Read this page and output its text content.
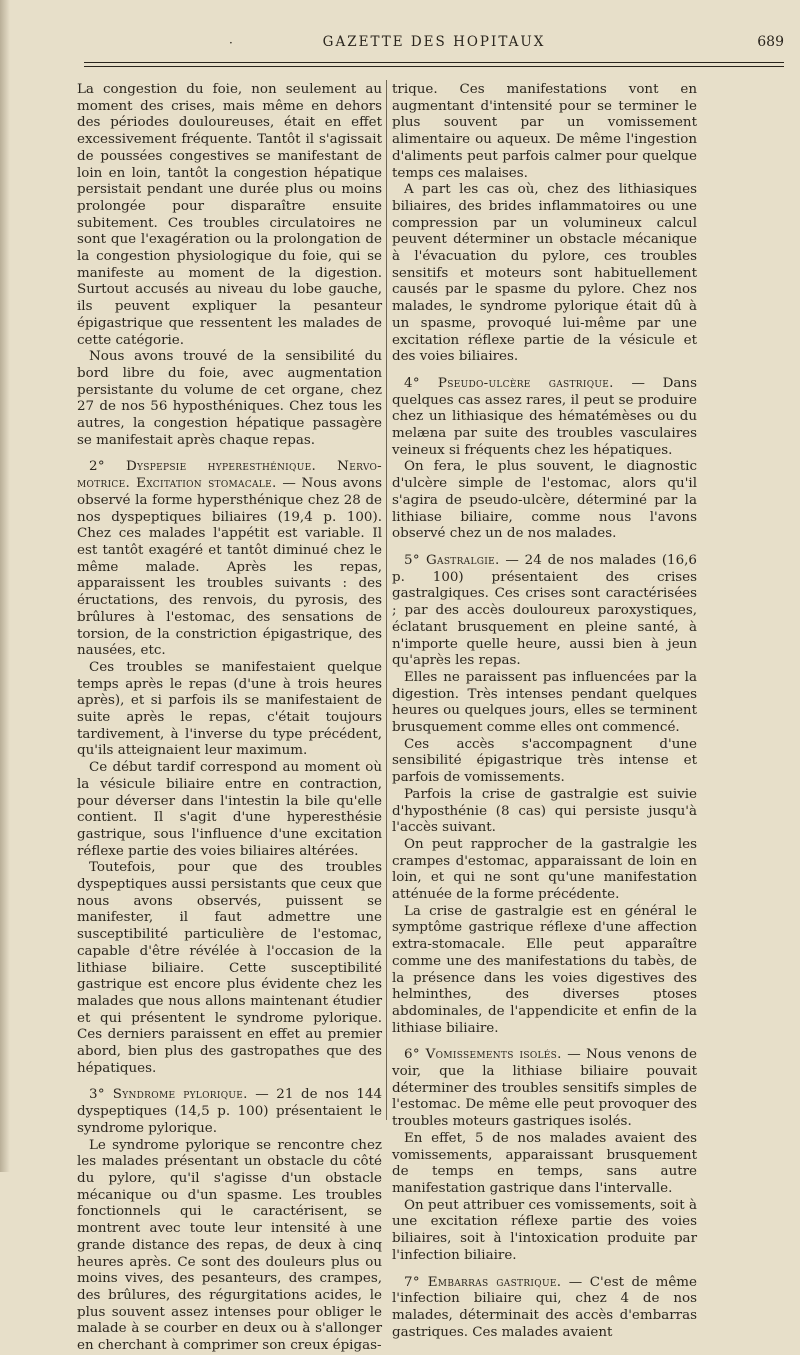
·	GAZETTE DES HOPITAUX	689

La congestion du foie, non seulement au moment des crises, mais même en dehors des périodes douloureuses, était en effet excessivement fréquente. Tantôt il s'agissait de poussées congestives se manifestant de loin en loin, tantôt la congestion hépatique persistait pendant une durée plus ou moins prolongée pour disparaître ensuite subitement. Ces troubles circulatoires ne sont que l'exagération ou la prolongation de la congestion physiologique du foie, qui se manifeste au moment de la digestion. Surtout accusés au niveau du lobe gauche, ils peuvent expliquer la pesanteur épigastrique que ressentent les malades de cette catégorie.

Nous avons trouvé de la sensibilité du bord libre du foie, avec augmentation persistante du volume de cet organe, chez 27 de nos 56 hyposthéniques. Chez tous les autres, la congestion hépatique passagère se manifestait après chaque repas.

2° Dyspepsie hyperesthénique. Nervo-motrice. Excitation stomacale. — Nous avons observé la forme hypersthénique chez 28 de nos dyspeptiques biliaires (19,4 p. 100). Chez ces malades l'appétit est variable. Il est tantôt exagéré et tantôt diminué chez le même malade. Après les repas, apparaissent les troubles suivants : des éructations, des renvois, du pyrosis, des brûlures à l'estomac, des sensations de torsion, de la constriction épigastrique, des nausées, etc.

Ces troubles se manifestaient quelque temps après le repas (d'une à trois heures après), et si parfois ils se manifestaient de suite après le repas, c'était toujours tardivement, à l'inverse du type précédent, qu'ils atteignaient leur maximum.

Ce début tardif correspond au moment où la vésicule biliaire entre en contraction, pour déverser dans l'intestin la bile qu'elle contient. Il s'agit d'une hyperesthésie gastrique, sous l'influence d'une excitation réflexe partie des voies biliaires altérées.

Toutefois, pour que des troubles dyspeptiques aussi persistants que ceux que nous avons observés, puissent se manifester, il faut admettre une susceptibilité particulière de l'estomac, capable d'être révélée à l'occasion de la lithiase biliaire. Cette susceptibilité gastrique est encore plus évidente chez les malades que nous allons maintenant étudier et qui présentent le syndrome pylorique. Ces derniers paraissent en effet au premier abord, bien plus des gastropathes que des hépatiques.

3° Syndrome pylorique. — 21 de nos 144 dyspeptiques (14,5 p. 100) présentaient le syndrome pylorique.

Le syndrome pylorique se rencontre chez les malades présentant un obstacle du côté du pylore, qu'il s'agisse d'un obstacle mécanique ou d'un spasme. Les troubles fonctionnels qui le caractérisent, se montrent avec toute leur intensité à une grande distance des repas, de deux à cinq heures après. Ce sont des douleurs plus ou moins vives, des pesanteurs, des crampes, des brûlures, des régurgitations acides, le plus souvent assez intenses pour obliger le malade à se courber en deux ou à s'allonger en cherchant à comprimer son creux épigas-

trique. Ces manifestations vont en augmentant d'intensité pour se terminer le plus souvent par un vomissement alimentaire ou aqueux. De même l'ingestion d'aliments peut parfois calmer pour quelque temps ces malaises.

A part les cas où, chez des lithiasiques biliaires, des brides inflammatoires ou une compression par un volumineux calcul peuvent déterminer un obstacle mécanique à l'évacuation du pylore, ces troubles sensitifs et moteurs sont habituellement causés par le spasme du pylore. Chez nos malades, le syndrome pylorique était dû à un spasme, provoqué lui-même par une excitation réflexe partie de la vésicule et des voies biliaires.

4° Pseudo-ulcère gastrique. — Dans quelques cas assez rares, il peut se produire chez un lithiasique des hématémèses ou du melæna par suite des troubles vasculaires veineux si fréquents chez les hépatiques.

On fera, le plus souvent, le diagnostic d'ulcère simple de l'estomac, alors qu'il s'agira de pseudo-ulcère, déterminé par la lithiase biliaire, comme nous l'avons observé chez un de nos malades.

5° Gastralgie. — 24 de nos malades (16,6 p. 100) présentaient des crises gastralgiques. Ces crises sont caractérisées ; par des accès douloureux paroxystiques, éclatant brusquement en pleine santé, à n'importe quelle heure, aussi bien à jeun qu'après les repas.

Elles ne paraissent pas influencées par la digestion. Très intenses pendant quelques heures ou quelques jours, elles se terminent brusquement comme elles ont commencé.

Ces accès s'accompagnent d'une sensibilité épigastrique très intense et parfois de vomissements.

Parfois la crise de gastralgie est suivie d'hyposthénie (8 cas) qui persiste jusqu'à l'accès suivant.

On peut rapprocher de la gastralgie les crampes d'estomac, apparaissant de loin en loin, et qui ne sont qu'une manifestation atténuée de la forme précédente.

La crise de gastralgie est en général le symptôme gastrique réflexe d'une affection extra-stomacale. Elle peut apparaître comme une des manifestations du tabès, de la présence dans les voies digestives des helminthes, des diverses ptoses abdominales, de l'appendicite et enfin de la lithiase biliaire.

6° Vomissements isolés. — Nous venons de voir, que la lithiase biliaire pouvait déterminer des troubles sensitifs simples de l'estomac. De même elle peut provoquer des troubles moteurs gastriques isolés.

En effet, 5 de nos malades avaient des vomissements, apparaissant brusquement de temps en temps, sans autre manifestation gastrique dans l'intervalle.

On peut attribuer ces vomissements, soit à une excitation réflexe partie des voies biliaires, soit à l'intoxication produite par l'infection biliaire.

7° Embarras gastrique. — C'est de même l'infection biliaire qui, chez 4 de nos malades, déterminait des accès d'embarras gastriques. Ces malades avaient
